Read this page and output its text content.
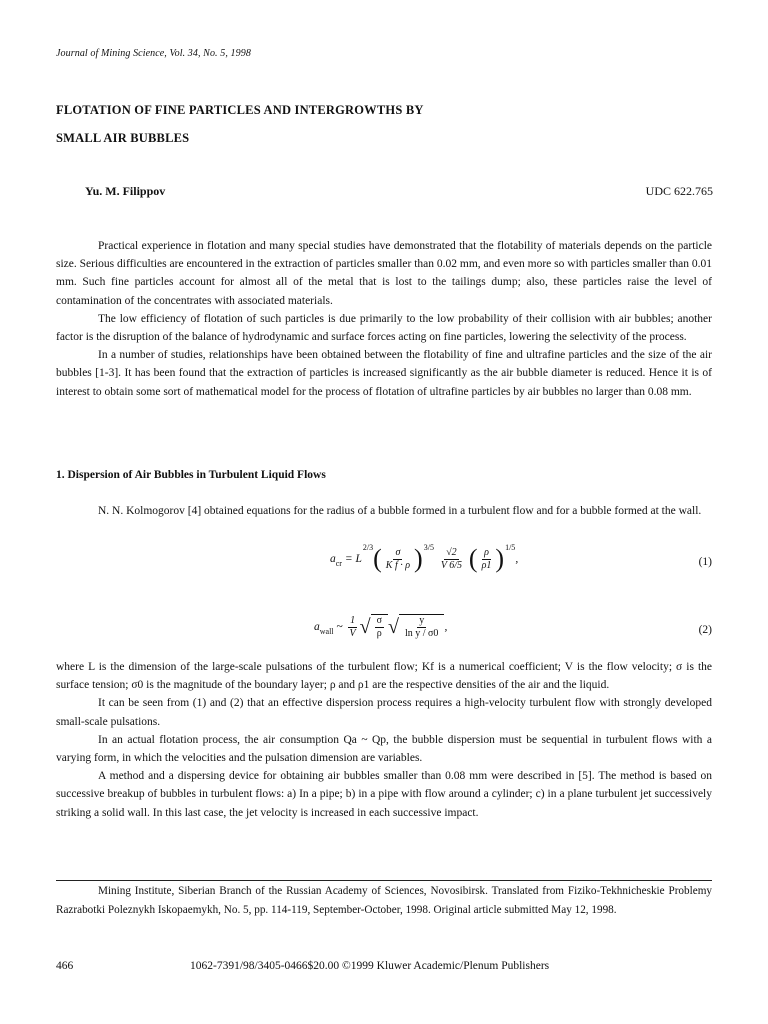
Journal of Mining Science, Vol. 34, No. 5, 1998
FLOTATION OF FINE PARTICLES AND INTERGROWTHS BY
SMALL AIR BUBBLES
Yu. M. Filippov	UDC 622.765

Practical experience in flotation and many special studies have demonstrated that the flotability of materials depends on the particle size. Serious difficulties are encountered in the extraction of particles smaller than 0.02 mm, and even more so with particles smaller than 0.01 mm. Such fine particles account for almost all of the metal that is lost to the tailings dump; also, these particles raise the level of contamination of the concentrates with associated materials.

The low efficiency of flotation of such particles is due primarily to the low probability of their collision with air bubbles; another factor is the disruption of the balance of hydrodynamic and surface forces acting on fine particles, lowering the selectivity of the process.

In a number of studies, relationships have been obtained between the flotability of fine and ultrafine particles and the size of the air bubbles [1-3]. It has been found that the extraction of particles is increased significantly as the air bubble diameter is reduced. Hence it is of interest to obtain some sort of mathematical model for the process of flotation of ultrafine particles by air bubbles no larger than 0.08 mm.

1. Dispersion of Air Bubbles in Turbulent Liquid Flows

N. N. Kolmogorov [4] obtained equations for the radius of a bubble formed in a turbulent flow and for a bubble formed at the wall.

a cr
=
L
2/3 ( $\frac{\sigma}{\text{K f · ρ}}$ ) 3/5
$\frac{√2}{V 6/5}$
( $\frac{\rho}{\rho 1}$ ) 1/5
,	(1)
a wall
~
$\frac{1}{V}$ √ $\frac{\sigma}{\rho}$ √ $\frac{y}{\text{ln y / σ0}}$ ,	(2)

where L is the dimension of the large-scale pulsations of the turbulent flow; Kf is a numerical coefficient; V is the flow velocity; σ is the surface tension; σ0 is the magnitude of the boundary layer; ρ and ρ1 are the respective densities of the air and the liquid.

It can be seen from (1) and (2) that an effective dispersion process requires a high-velocity turbulent flow with strongly developed small-scale pulsations.

In an actual flotation process, the air consumption Qa ~ Qp, the bubble dispersion must be sequential in turbulent flows with a varying form, in which the velocities and the pulsation dimension are variables.

A method and a dispersing device for obtaining air bubbles smaller than 0.08 mm were described in [5]. The method is based on successive breakup of bubbles in turbulent flows: a) In a pipe; b) in a pipe with flow around a cylinder; c) in a plane turbulent jet successively striking a solid wall. In this last case, the jet velocity is increased in each successive impact.

Mining Institute, Siberian Branch of the Russian Academy of Sciences, Novosibirsk. Translated from Fiziko-Tekhnicheskie Problemy Razrabotki Poleznykh Iskopaemykh, No. 5, pp. 114-119, September-October, 1998. Original article submitted May 12, 1998.

466	1062-7391/98/3405-0466$20.00 ©1999 Kluwer Academic/Plenum Publishers
